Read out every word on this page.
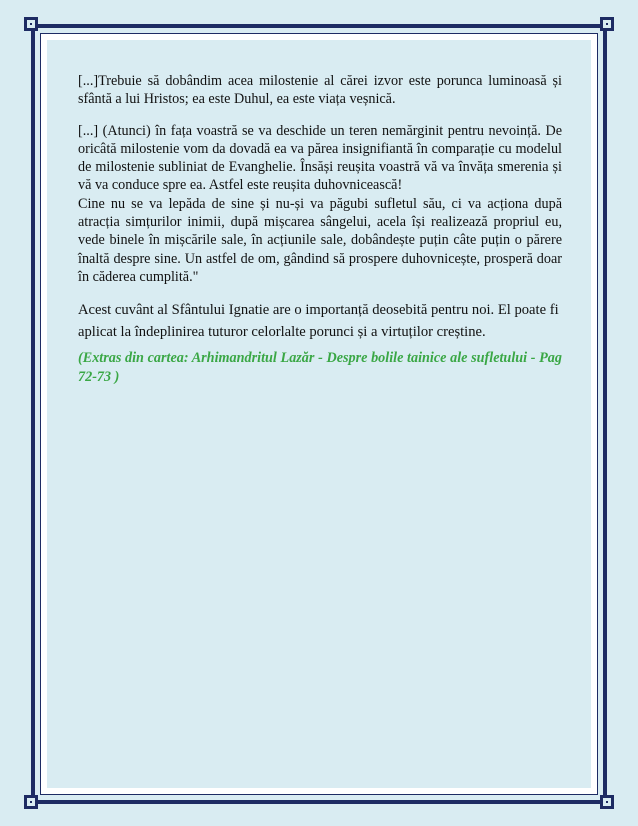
[...]Trebuie să dobândim acea milostenie al cărei izvor este porunca luminoasă și sfântă a lui Hristos; ea este Duhul, ea este viața veșnică.

[...] (Atunci) în fața voastră se va deschide un teren nemărginit pentru nevoință. De oricâtă milostenie vom da dovadă ea va părea insignifiantă în comparație cu modelul de milostenie subliniat de Evanghelie. Însăși reușita voastră vă va învăța smerenia și vă va conduce spre ea. Astfel este reușita duhovnicească!

Cine nu se va lepăda de sine și nu-și va păgubi sufletul său, ci va acționa după atracția simțurilor inimii, după mișcarea sângelui, acela își realizează propriul eu, vede binele în mișcările sale, în acțiunile sale, dobândește puțin câte puțin o părere înaltă despre sine. Un astfel de om, gândind să prospere duhovnicește, prosperă doar în căderea cumplită."

Acest cuvânt al Sfântului Ignatie are o importanță deosebită pentru noi. El poate fi aplicat la îndeplinirea tuturor celorlalte porunci și a virtuților creștine.

(Extras din cartea: Arhimandritul Lazăr - Despre bolile tainice ale sufletului - Pag 72-73 )
